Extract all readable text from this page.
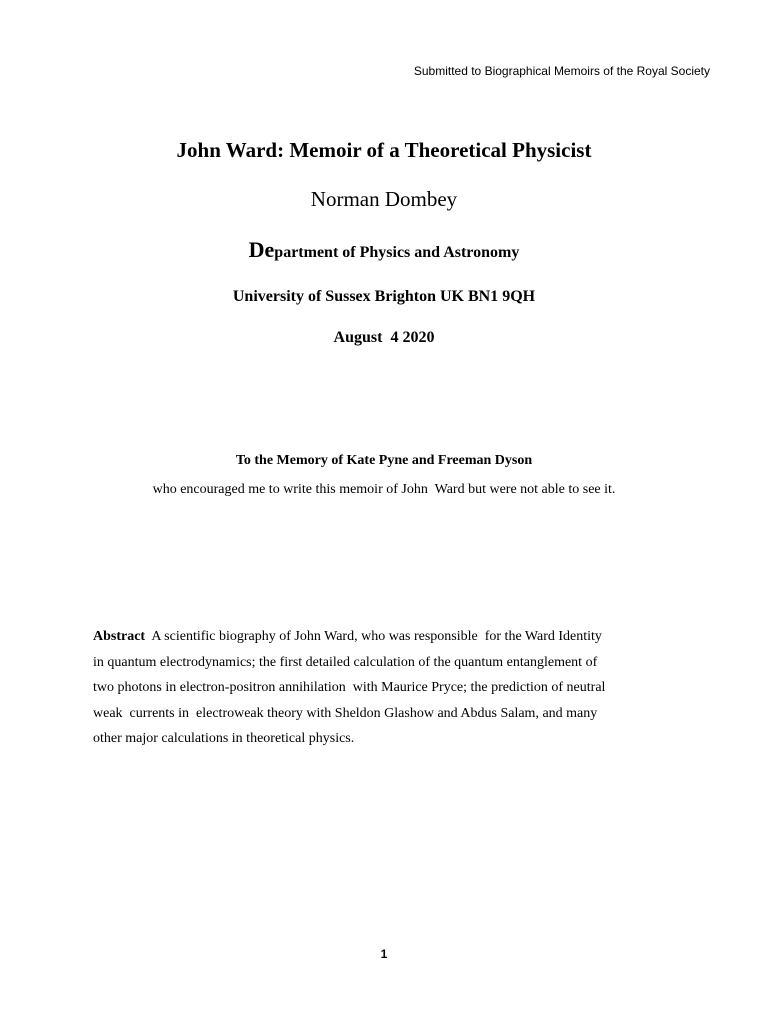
Submitted to Biographical Memoirs of the Royal Society
John Ward: Memoir of a Theoretical Physicist
Norman Dombey
Department of Physics and Astronomy
University of Sussex Brighton UK BN1 9QH
August  4 2020
To the Memory of Kate Pyne and Freeman Dyson
who encouraged me to write this memoir of John  Ward but were not able to see it.
Abstract  A scientific biography of John Ward, who was responsible  for the Ward Identity
in quantum electrodynamics; the first detailed calculation of the quantum entanglement of
two photons in electron-positron annihilation  with Maurice Pryce; the prediction of neutral
weak  currents in  electroweak theory with Sheldon Glashow and Abdus Salam, and many
other major calculations in theoretical physics.
1
